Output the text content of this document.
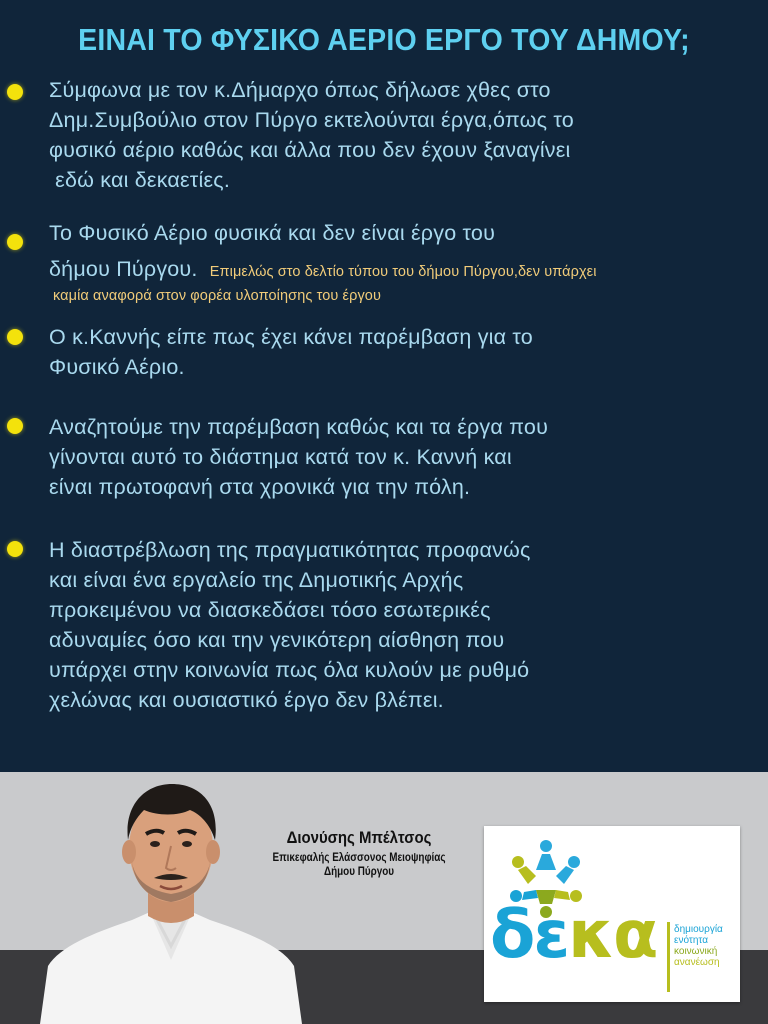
ΕΙΝΑΙ ΤΟ ΦΥΣΙΚΟ ΑΕΡΙΟ ΕΡΓΟ ΤΟΥ ΔΗΜΟΥ;
Σύμφωνα με τον κ.Δήμαρχο όπως δήλωσε χθες στο
Δημ.Συμβούλιο στον Πύργο εκτελούνται έργα,όπως το
φυσικό αέριο καθώς και άλλα που δεν έχουν ξαναγίνει
εδώ και δεκαετίες.
Το Φυσικό Αέριο φυσικά και δεν είναι έργο του
δήμου Πύργου. Επιμελώς στο δελτίο τύπου του δήμου Πύργου,δεν υπάρχει
καμία αναφορά στον φορέα υλοποίησης του έργου
Ο κ.Καννής είπε πως έχει κάνει παρέμβαση για το
Φυσικό Αέριο.
Αναζητούμε την παρέμβαση καθώς και τα έργα που
γίνονται αυτό το διάστημα κατά τον κ. Καννή και
είναι πρωτοφανή στα χρονικά για την πόλη.
Η διαστρέβλωση της πραγματικότητας προφανώς
και είναι ένα εργαλείο της Δημοτικής Αρχής
προκειμένου να διασκεδάσει τόσο εσωτερικές
αδυναμίες όσο και την γενικότερη αίσθηση που
υπάρχει στην κοινωνία πως όλα κυλούν με ρυθμό
χελώνας και ουσιαστικό έργο δεν βλέπει.
Διονύσης Μπέλτσος
Επικεφαλής Ελάσσονος Μειοψηφίας
Δήμου Πύργου
δεκα δημιουργία
ενότητα
κοινωνική
ανανέωση
